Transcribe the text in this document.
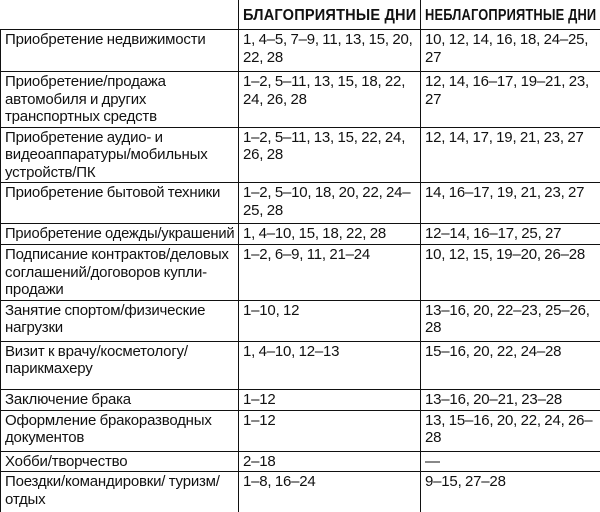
	БЛАГОПРИЯТНЫЕ ДНИ	НЕБЛАГОПРИЯТНЫЕ ДНИ
Приобретение недвижимости	1, 4–5, 7–9, 11, 13, 15, 20, 22, 28	10, 12, 14, 16, 18, 24–25, 27
Приобретение/продажа автомобиля и других транспортных средств	1–2, 5–11, 13, 15, 18, 22, 24, 26, 28	12, 14, 16–17, 19–21, 23, 27
Приобретение аудио- и видеоаппаратуры/мобильных устройств/ПК	1–2, 5–11, 13, 15, 22, 24, 26, 28	12, 14, 17, 19, 21, 23, 27
Приобретение бытовой техники	1–2, 5–10, 18, 20, 22, 24–25, 28	14, 16–17, 19, 21, 23, 27
Приобретение одежды/украшений	1, 4–10, 15, 18, 22, 28	12–14, 16–17, 25, 27
Подписание контрактов/деловых соглашений/договоров купли-продажи	1–2, 6–9, 11, 21–24	10, 12, 15, 19–20, 26–28
Занятие спортом/физические нагрузки	1–10, 12	13–16, 20, 22–23, 25–26, 28
Визит к врачу/косметологу/парикмахеру	1, 4–10, 12–13	15–16, 20, 22, 24–28
Заключение брака	1–12	13–16, 20–21, 23–28
Оформление бракоразводных документов	1–12	13, 15–16, 20, 22, 24, 26–28
Хобби/творчество	2–18	—
Поездки/командировки/ туризм/отдых	1–8, 16–24	9–15, 27–28
